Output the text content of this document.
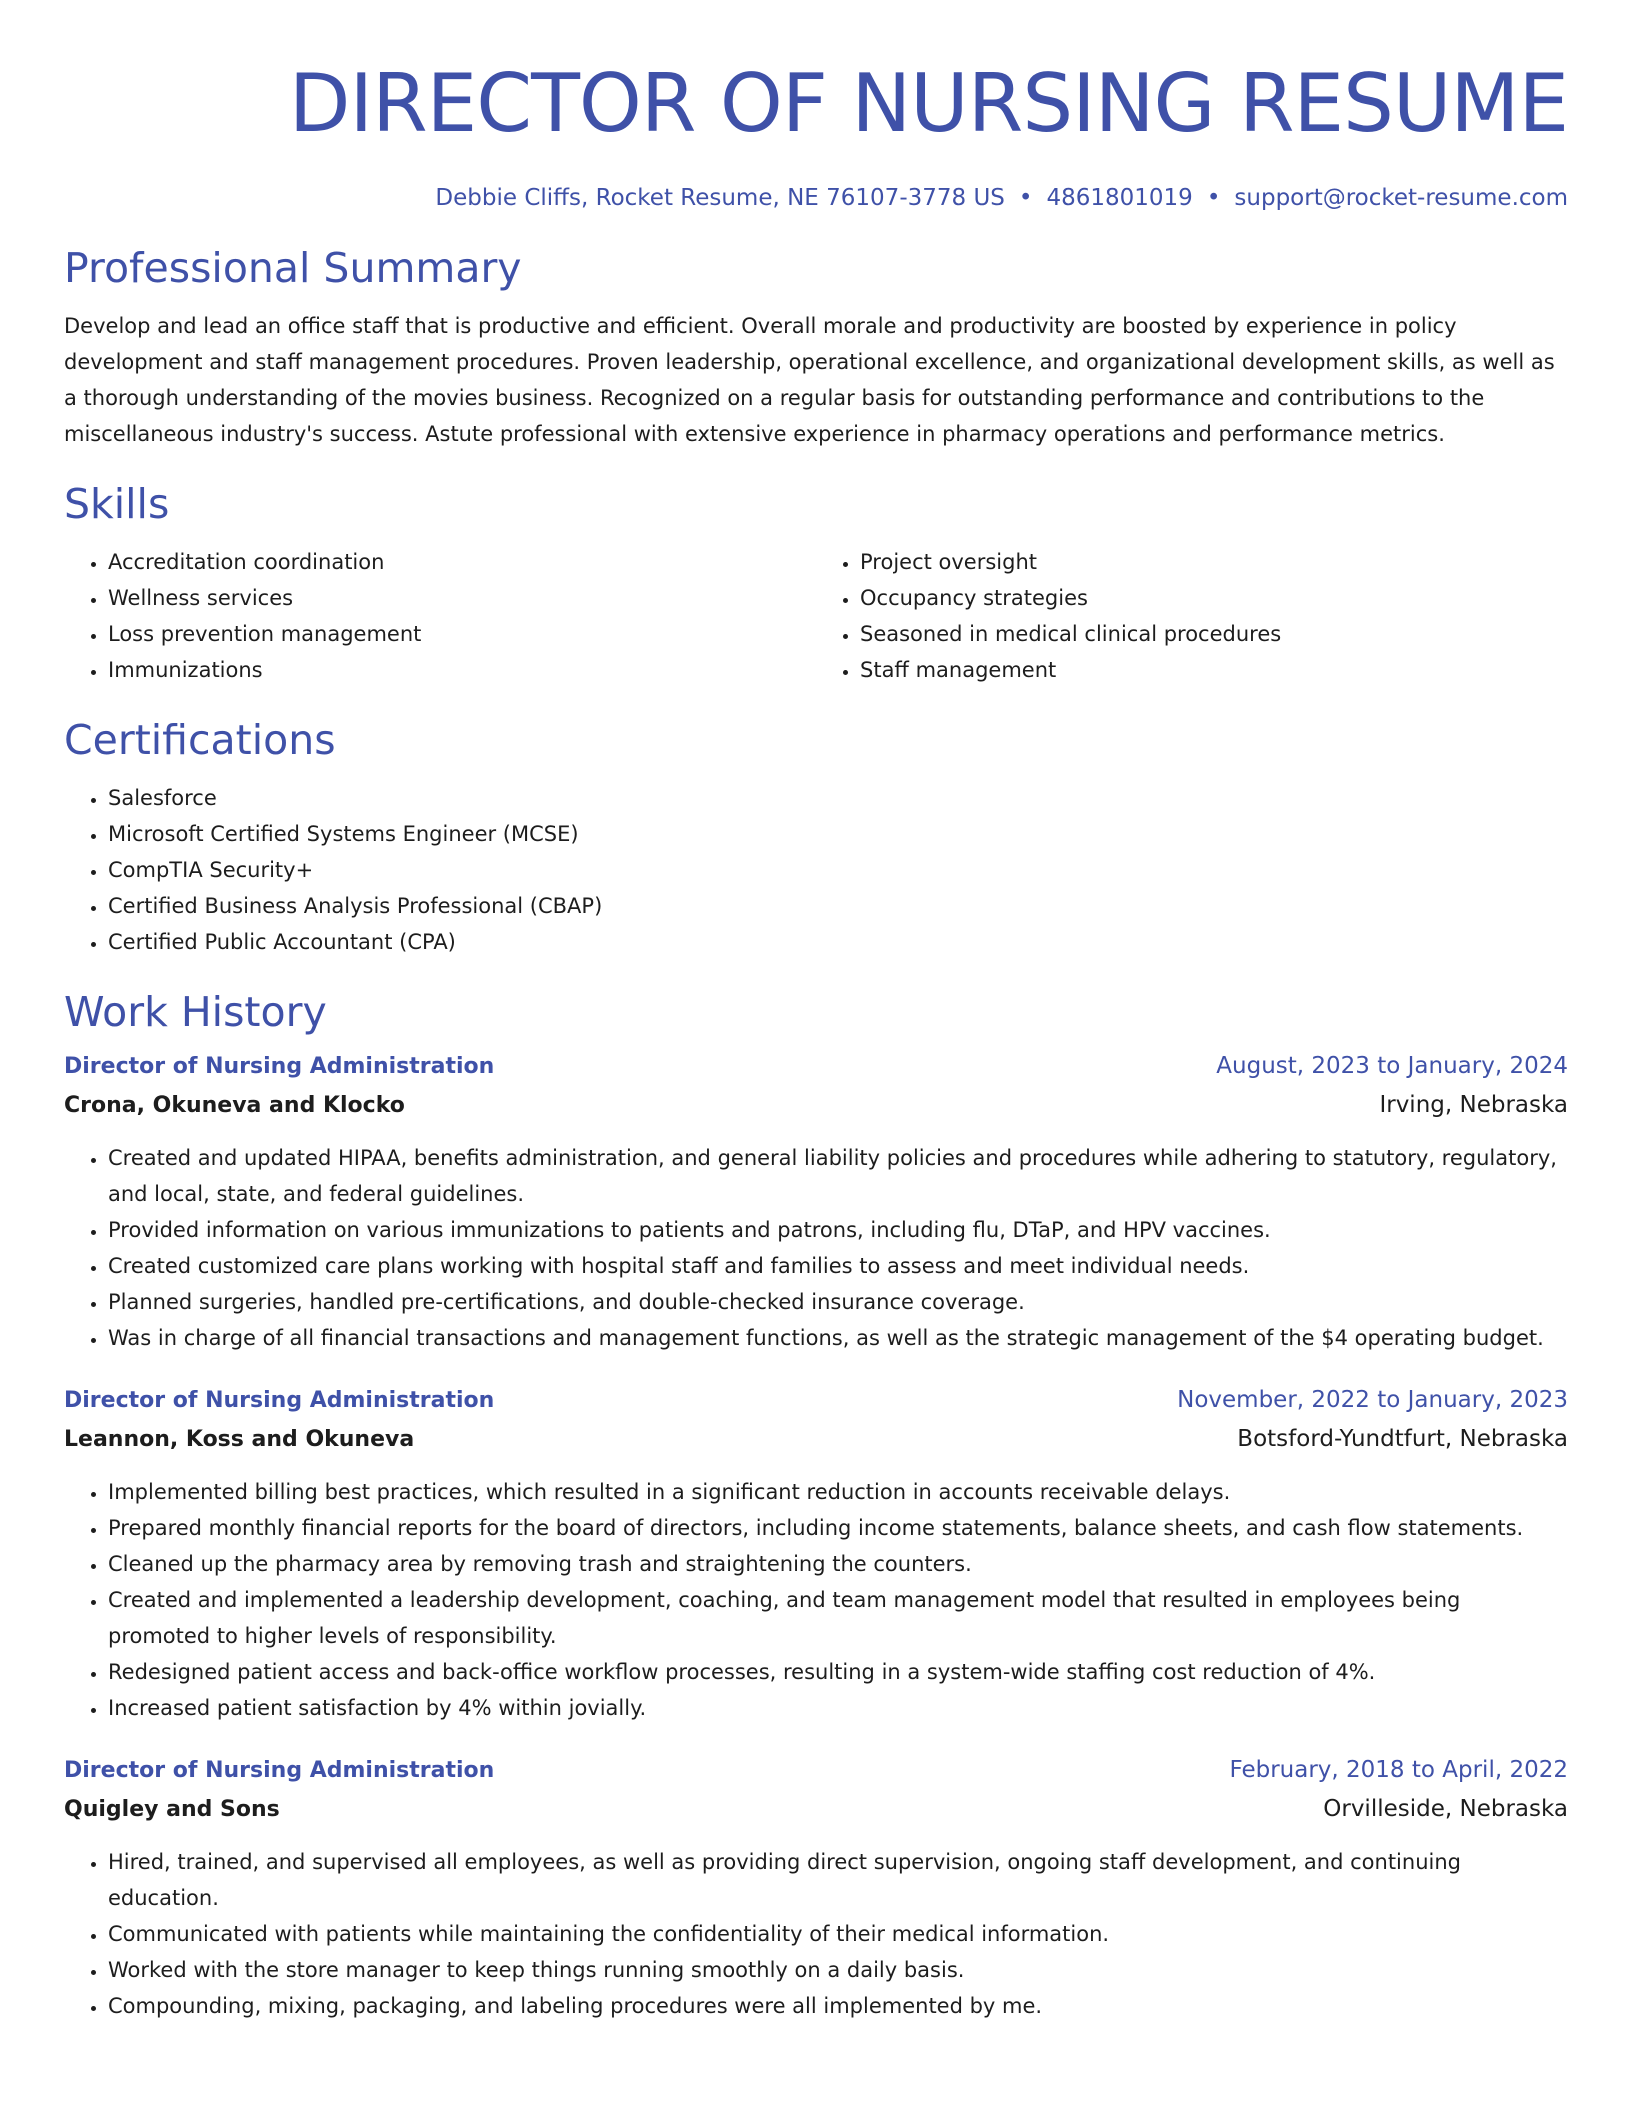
DIRECTOR OF NURSING RESUME
Debbie Cliffs, Rocket Resume, NE 76107-3778 US • 4861801019 • support@rocket-resume.com
Professional Summary

Develop and lead an office staff that is productive and efficient. Overall morale and productivity are boosted by experience in policy development and staff management procedures. Proven leadership, operational excellence, and organizational development skills, as well as a thorough understanding of the movies business. Recognized on a regular basis for outstanding performance and contributions to the miscellaneous industry's success. Astute professional with extensive experience in pharmacy operations and performance metrics.

Skills
• Accreditation coordination
• Wellness services
• Loss prevention management
• Immunizations
• Project oversight
• Occupancy strategies
• Seasoned in medical clinical procedures
• Staff management
Certifications
• Salesforce
• Microsoft Certified Systems Engineer (MCSE)
• CompTIA Security+
• Certified Business Analysis Professional (CBAP)
• Certified Public Accountant (CPA)
Work History
Director of Nursing Administration	August, 2023 to January, 2024
Crona, Okuneva and Klocko	Irving, Nebraska
• Created and updated HIPAA, benefits administration, and general liability policies and procedures while adhering to statutory, regulatory, and local, state, and federal guidelines.
• Provided information on various immunizations to patients and patrons, including flu, DTaP, and HPV vaccines.
• Created customized care plans working with hospital staff and families to assess and meet individual needs.
• Planned surgeries, handled pre-certifications, and double-checked insurance coverage.
• Was in charge of all financial transactions and management functions, as well as the strategic management of the $4 operating budget.
Director of Nursing Administration	November, 2022 to January, 2023
Leannon, Koss and Okuneva	Botsford-Yundtfurt, Nebraska
• Implemented billing best practices, which resulted in a significant reduction in accounts receivable delays.
• Prepared monthly financial reports for the board of directors, including income statements, balance sheets, and cash flow statements.
• Cleaned up the pharmacy area by removing trash and straightening the counters.
• Created and implemented a leadership development, coaching, and team management model that resulted in employees being promoted to higher levels of responsibility.
• Redesigned patient access and back-office workflow processes, resulting in a system-wide staffing cost reduction of 4%.
• Increased patient satisfaction by 4% within jovially.
Director of Nursing Administration	February, 2018 to April, 2022
Quigley and Sons	Orvilleside, Nebraska
• Hired, trained, and supervised all employees, as well as providing direct supervision, ongoing staff development, and continuing education.
• Communicated with patients while maintaining the confidentiality of their medical information.
• Worked with the store manager to keep things running smoothly on a daily basis.
• Compounding, mixing, packaging, and labeling procedures were all implemented by me.
